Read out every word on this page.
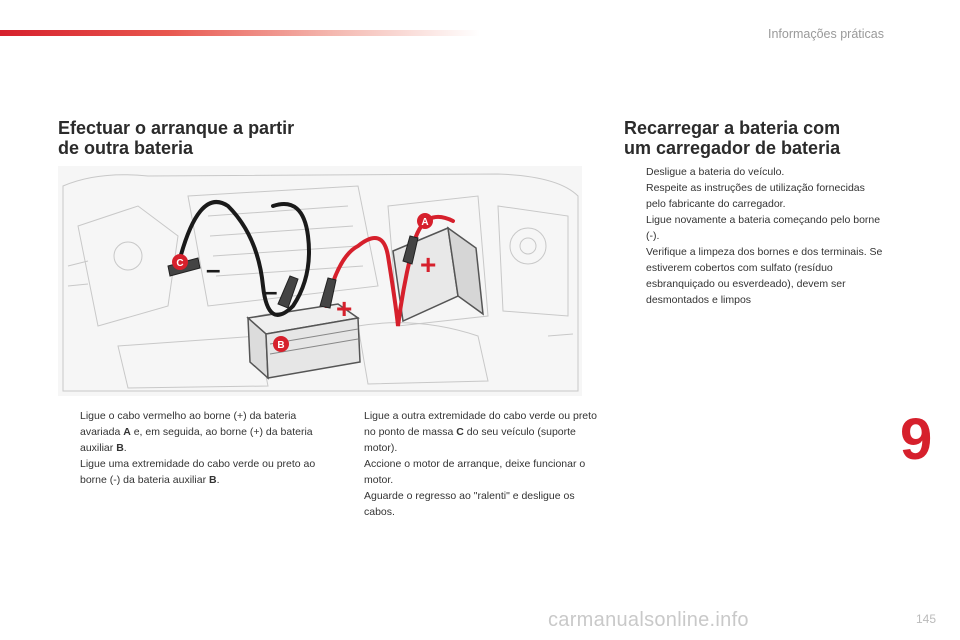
Informações práticas
Efectuar o arranque a partir
de outra bateria
Recarregar a bateria com
um carregador de bateria
–
–
+
+
A
B
C
Ligue o cabo vermelho ao borne (+) da bateria avariada A e, em seguida, ao borne (+) da bateria auxiliar B.
Ligue uma extremidade do cabo verde ou preto ao borne (-) da bateria auxiliar B.
Ligue a outra extremidade do cabo verde ou preto no ponto de massa C do seu veículo (suporte motor).
Accione o motor de arranque, deixe funcionar o motor.
Aguarde o regresso ao "ralenti" e desligue os cabos.
Desligue a bateria do veículo.
Respeite as instruções de utilização fornecidas pelo fabricante do carregador.
Ligue novamente a bateria começando pelo borne (-).
Verifique a limpeza dos bornes e dos terminais. Se estiverem cobertos com sulfato (resíduo esbranquiçado ou esverdeado), devem ser desmontados e limpos
9
carmanualsonline.info	145
